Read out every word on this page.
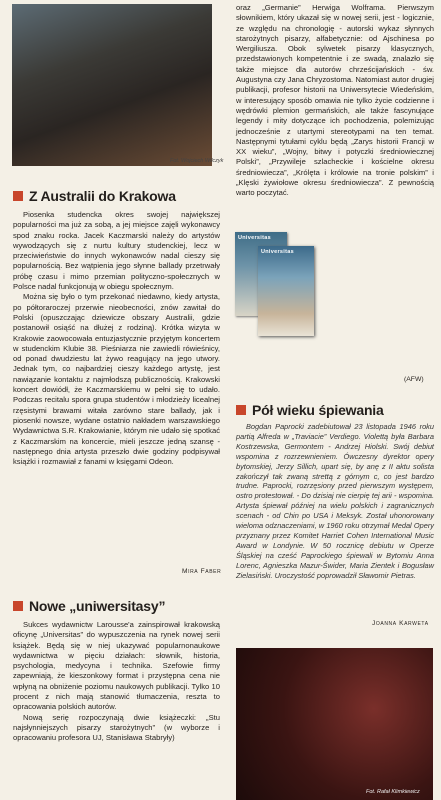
Fot. Wojciech Wilczyk
Z Australii do Krakowa

Piosenka studencka okres swojej największej popularności ma już za sobą, a jej miejsce zajęli wykonawcy spod znaku rocka. Jacek Kaczmarski należy do artystów wywodzących się z nurtu kultury studenckiej, lecz w przeciwieństwie do innych wykonawców nadal cieszy się popularnością. Bez wątpienia jego słynne ballady przetrwały próbę czasu i mimo przemian polityczno-społecznych w Polsce nadal funkcjonują w obiegu społecznym.

Można się było o tym przekonać niedawno, kiedy artysta, po półtoraroczej przerwie nieobecności, znów zawitał do Polski (opuszczając dziewicze obszary Australii, gdzie postanowił osiąść na dłużej z rodziną). Krótka wizyta w Krakowie zaowocowała entuzjastycznie przyjętym koncertem w studenckim Klubie 38. Pieśniarza nie zawiedli rówieśnicy, od ponad dwudziestu lat żywo reagujący na jego utwory. Jednak tym, co najbardziej cieszy każdego artystę, jest nawiązanie kontaktu z najmłodszą publicznością. Krakowski koncert dowiódł, że Kaczmarskiemu w pełni się to udało. Podczas recitalu spora grupa studentów i młodzieży licealnej rzęsistymi brawami witała zarówno stare ballady, jak i piosenki nowsze, wydane ostatnio nakładem warszawskiego Wydawnictwa S.R. Krakowianie, którym nie udało się spotkać z Kaczmarskim na koncercie, mieli jeszcze jedną szansę - następnego dnia artysta przeszło dwie godziny podpisywał książki i rozmawiał z fanami w księgarni Odeon.

Mira Faber
Nowe „uniwersitasy”

Sukces wydawnictw Larousse'a zainspirował krakowską oficynę „Universitas” do wypuszczenia na rynek nowej serii książek. Będą się w niej ukazywać popularnonaukowe wydawnictwa w pięciu działach: słownik, historia, psychologia, medycyna i technika. Szefowie firmy zapewniają, że kieszonkowy format i przystępna cena nie wpłyną na obniżenie poziomu naukowych publikacji. Tylko 10 procent z nich mają stanowić tłumaczenia, reszta to opracowania polskich autorów.

Nową serię rozpoczynają dwie książeczki: „Stu najsłynniejszych pisarzy starożytnych” (w wyborze i opracowaniu profesora UJ, Stanisława Stabryły)

oraz „Germanie” Herwiga Wolframa. Pierwszym słownikiem, który ukazał się w nowej serii, jest - logicznie, ze względu na chronologię - autorski wykaz słynnych starożytnych pisarzy, alfabetycznie: od Ajschinesa po Wergiliusza. Obok sylwetek pisarzy klasycznych, przedstawionych kompetentnie i ze swadą, znalazło się także miejsce dla autorów chrześcijańskich - św. Augustyna czy Jana Chryzostoma. Natomiast autor drugiej publikacji, profesor historii na Uniwersytecie Wiedeńskim, w interesujący sposób omawia nie tylko życie codzienne i wędrówki plemion germańskich, ale także fascynujące legendy i mity dotyczące ich pochodzenia, polemizując jednocześnie z utartymi stereotypami na ten temat. Następnymi tytułami cyklu będą „Zarys historii Francji w XX wieku”, „Wojny, bitwy i potyczki średniowiecznej Polski”, „Przywileje szlacheckie i kościelne okresu średniowiecza”, „Królęta i królowie na tronie polskim” i „Klęski żywiołowe okresu średniowiecza”. Z pewnością warto poczytać.

Universitas
Universitas
(AFW)
Pół wieku śpiewania

Bogdan Paprocki zadebiutował 23 listopada 1946 roku partią Alfreda w „Traviacie” Verdiego. Violettą była Barbara Kostrzewska, Germontem - Andrzej Hiolski. Swój debiut wspomina z rozrzewnieniem. Ówczesny dyrektor opery bytomskiej, Jerzy Sillich, upart się, by anę z II aktu solista zakończył tak zwaną strettą z górnym c, co jest bardzo trudne. Paprocki, rozrzęsiony przed pierwszym występem, ostro protestował. - Do dzisiaj nie cierpię tej arii - wspomina. Artysta śpiewał później na wielu polskich i zagranicznych scenach - od Chin po USA i Meksyk. Został uhonorowany wieloma odznaczeniami, w 1960 roku otrzymał Medal Opery przyznany przez Komitet Harriet Cohen International Music Award w Londynie. W 50 rocznicę debiutu w Operze Śląskiej na cześć Paprockiego śpiewali w Bytomiu Anna Lorenc, Agnieszka Mazur-Świder, Maria Zientek i Bogusław Zielasiński. Uroczystość poprowadził Sławomir Pietras.

Joanna Karweta
Fot. Rafał Klimkiewicz
